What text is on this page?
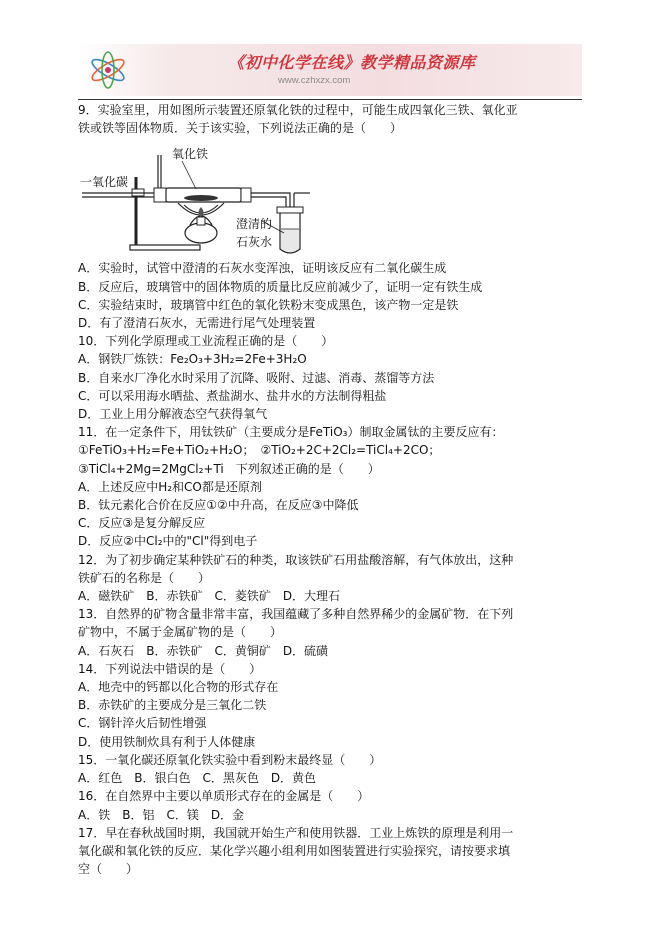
《初中化学在线》教学精品资源库
www.czhxzx.com
9．实验室里，用如图所示装置还原氧化铁的过程中，可能生成四氧化三铁、氧化亚
铁或铁等固体物质．关于该实验，下列说法正确的是（　　）
一氧化碳
氧化铁
澄清的
石灰水
A．实验时，试管中澄清的石灰水变浑浊，证明该反应有二氧化碳生成
B．反应后，玻璃管中的固体物质的质量比反应前减少了，证明一定有铁生成
C．实验结束时，玻璃管中红色的氧化铁粉末变成黑色，该产物一定是铁
D．有了澄清石灰水，无需进行尾气处理装置
10．下列化学原理或工业流程正确的是（　　）
A．钢铁厂炼铁：Fe₂O₃+3H₂=2Fe+3H₂O
B．自来水厂净化水时采用了沉降、吸附、过滤、消毒、蒸馏等方法
C．可以采用海水晒盐、煮盐湖水、盐井水的方法制得粗盐
D．工业上用分解液态空气获得氧气
11．在一定条件下，用钛铁矿（主要成分是FeTiO₃）制取金属钛的主要反应有：
①FeTiO₃+H₂=Fe+TiO₂+H₂O；　②TiO₂+2C+2Cl₂=TiCl₄+2CO；
③TiCl₄+2Mg=2MgCl₂+Ti　下列叙述正确的是（　　）
A．上述反应中H₂和CO都是还原剂
B．钛元素化合价在反应①②中升高，在反应③中降低
C．反应③是复分解反应
D．反应②中Cl₂中的"Cl"得到电子
12．为了初步确定某种铁矿石的种类，取该铁矿石用盐酸溶解，有气体放出，这种
铁矿石的名称是（　　）
A．磁铁矿　B．赤铁矿　C．菱铁矿　D．大理石
13．自然界的矿物含量非常丰富，我国蕴藏了多种自然界稀少的金属矿物．在下列
矿物中，不属于金属矿物的是（　　）
A．石灰石　B．赤铁矿　C．黄铜矿　D．硫磺
14．下列说法中错误的是（　　）
A．地壳中的钙都以化合物的形式存在
B．赤铁矿的主要成分是三氧化二铁
C．钢针淬火后韧性增强
D．使用铁制炊具有利于人体健康
15．一氧化碳还原氧化铁实验中看到粉末最终显（　　）
A．红色　B．银白色　C．黑灰色　D．黄色
16．在自然界中主要以单质形式存在的金属是（　　）
A．铁　B．铝　C．镁　D．金
17．早在春秋战国时期，我国就开始生产和使用铁器．工业上炼铁的原理是利用一
氧化碳和氧化铁的反应．某化学兴趣小组利用如图装置进行实验探究，请按要求填
空（　　）
